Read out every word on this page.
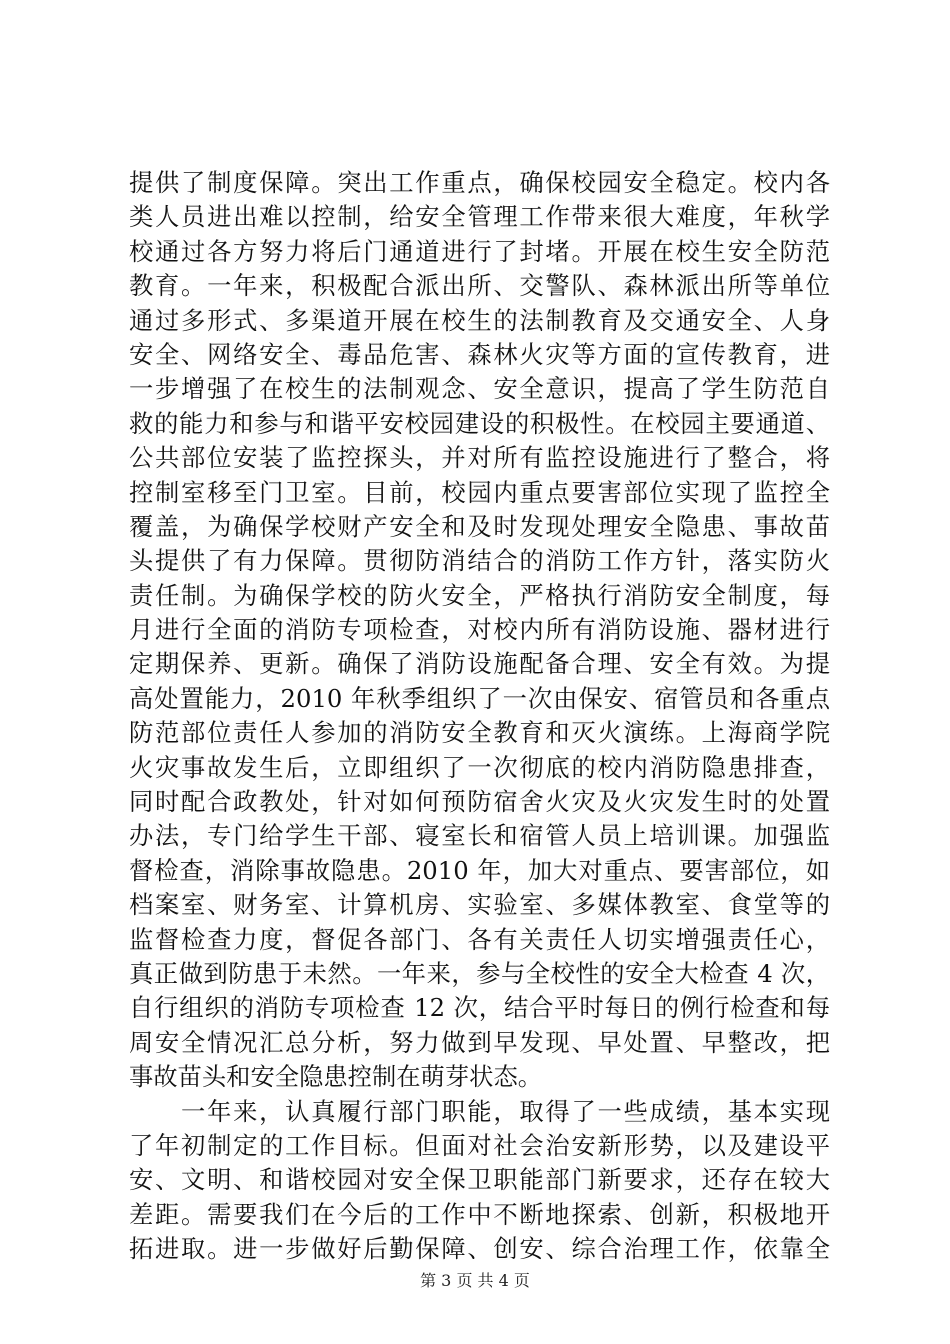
提供了制度保障。突出工作重点，确保校园安全稳定。校内各
类人员进出难以控制，给安全管理工作带来很大难度，年秋学
校通过各方努力将后门通道进行了封堵。开展在校生安全防范
教育。一年来，积极配合派出所、交警队、森林派出所等单位
通过多形式、多渠道开展在校生的法制教育及交通安全、人身
安全、网络安全、毒品危害、森林火灾等方面的宣传教育，进
一步增强了在校生的法制观念、安全意识，提高了学生防范自
救的能力和参与和谐平安校园建设的积极性。在校园主要通道、
公共部位安装了监控探头，并对所有监控设施进行了整合，将
控制室移至门卫室。目前，校园内重点要害部位实现了监控全
覆盖，为确保学校财产安全和及时发现处理安全隐患、事故苗
头提供了有力保障。贯彻防消结合的消防工作方针，落实防火
责任制。为确保学校的防火安全，严格执行消防安全制度，每
月进行全面的消防专项检查，对校内所有消防设施、器材进行
定期保养、更新。确保了消防设施配备合理、安全有效。为提
高处置能力，2010 年秋季组织了一次由保安、宿管员和各重点
防范部位责任人参加的消防安全教育和灭火演练。上海商学院
火灾事故发生后，立即组织了一次彻底的校内消防隐患排查，
同时配合政教处，针对如何预防宿舍火灾及火灾发生时的处置
办法，专门给学生干部、寝室长和宿管人员上培训课。加强监
督检查，消除事故隐患。2010 年，加大对重点、要害部位，如
档案室、财务室、计算机房、实验室、多媒体教室、食堂等的
监督检查力度，督促各部门、各有关责任人切实增强责任心，
真正做到防患于未然。一年来，参与全校性的安全大检查 4 次，
自行组织的消防专项检查 12 次，结合平时每日的例行检查和每
周安全情况汇总分析，努力做到早发现、早处置、早整改，把
事故苗头和安全隐患控制在萌芽状态。
　　一年来，认真履行部门职能，取得了一些成绩，基本实现
了年初制定的工作目标。但面对社会治安新形势，以及建设平
安、文明、和谐校园对安全保卫职能部门新要求，还存在较大
差距。需要我们在今后的工作中不断地探索、创新，积极地开
拓进取。进一步做好后勤保障、创安、综合治理工作，依靠全
第 3 页 共 4 页
